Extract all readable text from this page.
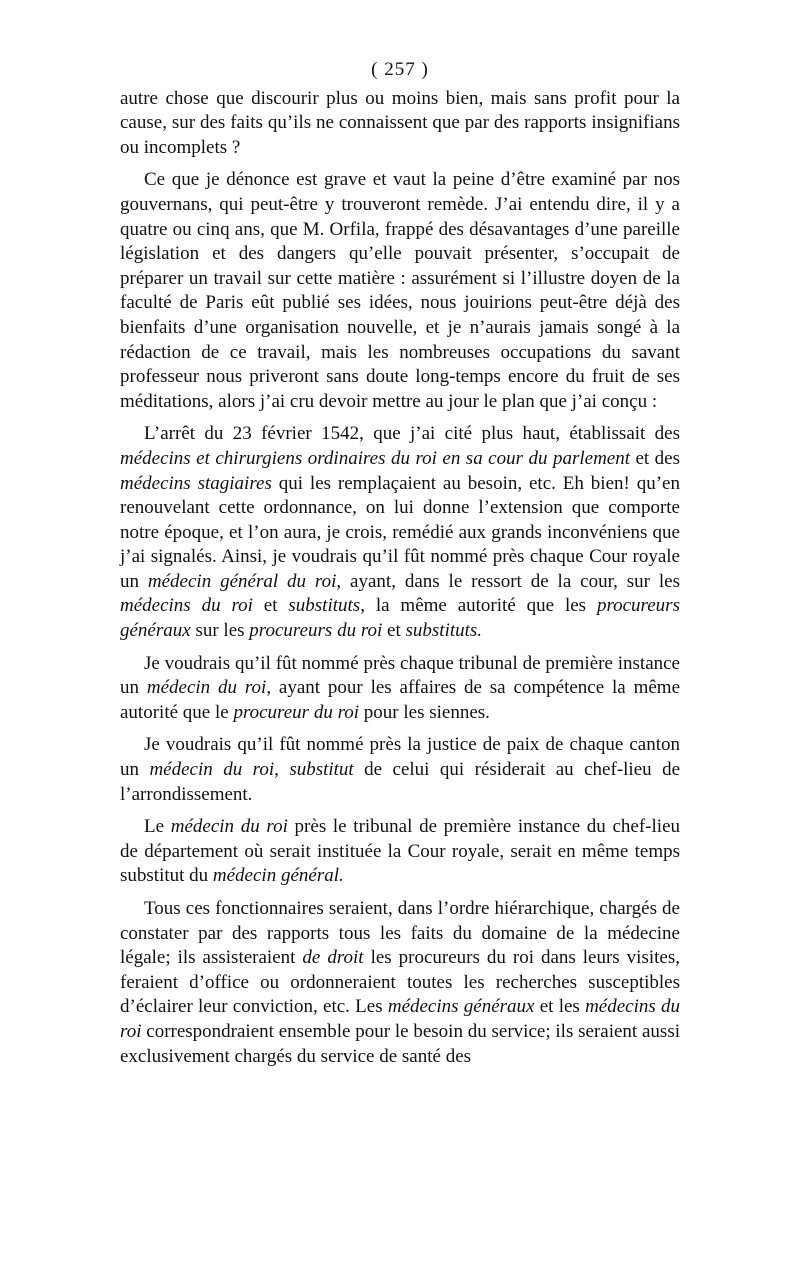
( 257 )

autre chose que discourir plus ou moins bien, mais sans profit pour la cause, sur des faits qu’ils ne connaissent que par des rapports insignifians ou incomplets ?

Ce que je dénonce est grave et vaut la peine d’être examiné par nos gouvernans, qui peut-être y trouveront remède. J’ai entendu dire, il y a quatre ou cinq ans, que M. Orfila, frappé des désavantages d’une pareille législation et des dangers qu’elle pouvait présenter, s’occupait de préparer un travail sur cette matière : assurément si l’illustre doyen de la faculté de Paris eût publié ses idées, nous jouirions peut-être déjà des bienfaits d’une organisation nouvelle, et je n’aurais jamais songé à la rédaction de ce travail, mais les nombreuses occupations du savant professeur nous priveront sans doute long-temps encore du fruit de ses méditations, alors j’ai cru devoir mettre au jour le plan que j’ai conçu :

L’arrêt du 23 février 1542, que j’ai cité plus haut, établissait des médecins et chirurgiens ordinaires du roi en sa cour du parlement et des médecins stagiaires qui les remplaçaient au besoin, etc. Eh bien! qu’en renouvelant cette ordonnance, on lui donne l’extension que comporte notre époque, et l’on aura, je crois, remédié aux grands inconvéniens que j’ai signalés. Ainsi, je voudrais qu’il fût nommé près chaque Cour royale un médecin général du roi, ayant, dans le ressort de la cour, sur les médecins du roi et substituts, la même autorité que les procureurs généraux sur les procureurs du roi et substituts.

Je voudrais qu’il fût nommé près chaque tribunal de première instance un médecin du roi, ayant pour les affaires de sa compétence la même autorité que le procureur du roi pour les siennes.

Je voudrais qu’il fût nommé près la justice de paix de chaque canton un médecin du roi, substitut de celui qui résiderait au chef-lieu de l’arrondissement.

Le médecin du roi près le tribunal de première instance du chef-lieu de département où serait instituée la Cour royale, serait en même temps substitut du médecin général.

Tous ces fonctionnaires seraient, dans l’ordre hiérarchique, chargés de constater par des rapports tous les faits du domaine de la médecine légale; ils assisteraient de droit les procureurs du roi dans leurs visites, feraient d’office ou ordonneraient toutes les recherches susceptibles d’éclairer leur conviction, etc. Les médecins généraux et les médecins du roi correspondraient ensemble pour le besoin du service; ils seraient aussi exclusivement chargés du service de santé des
